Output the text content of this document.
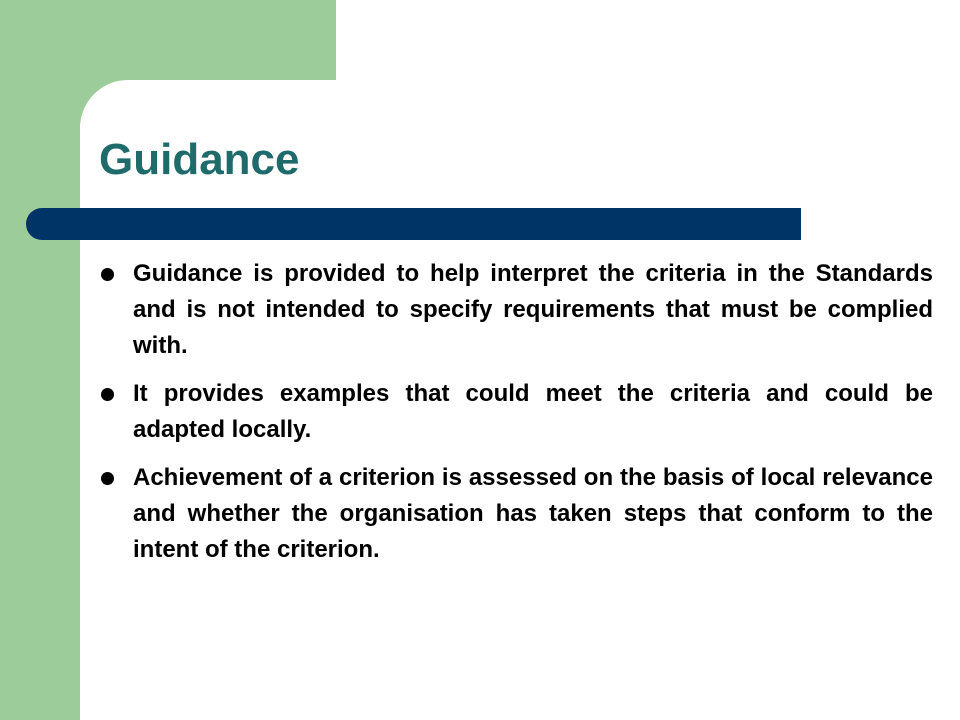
Guidance
Guidance is provided to help interpret the criteria in the Standards and is not intended to specify requirements that must be complied with.
It provides examples that could meet the criteria and could be adapted locally.
Achievement of a criterion is assessed on the basis of local relevance and whether the organisation has taken steps that conform to the intent of the criterion.
